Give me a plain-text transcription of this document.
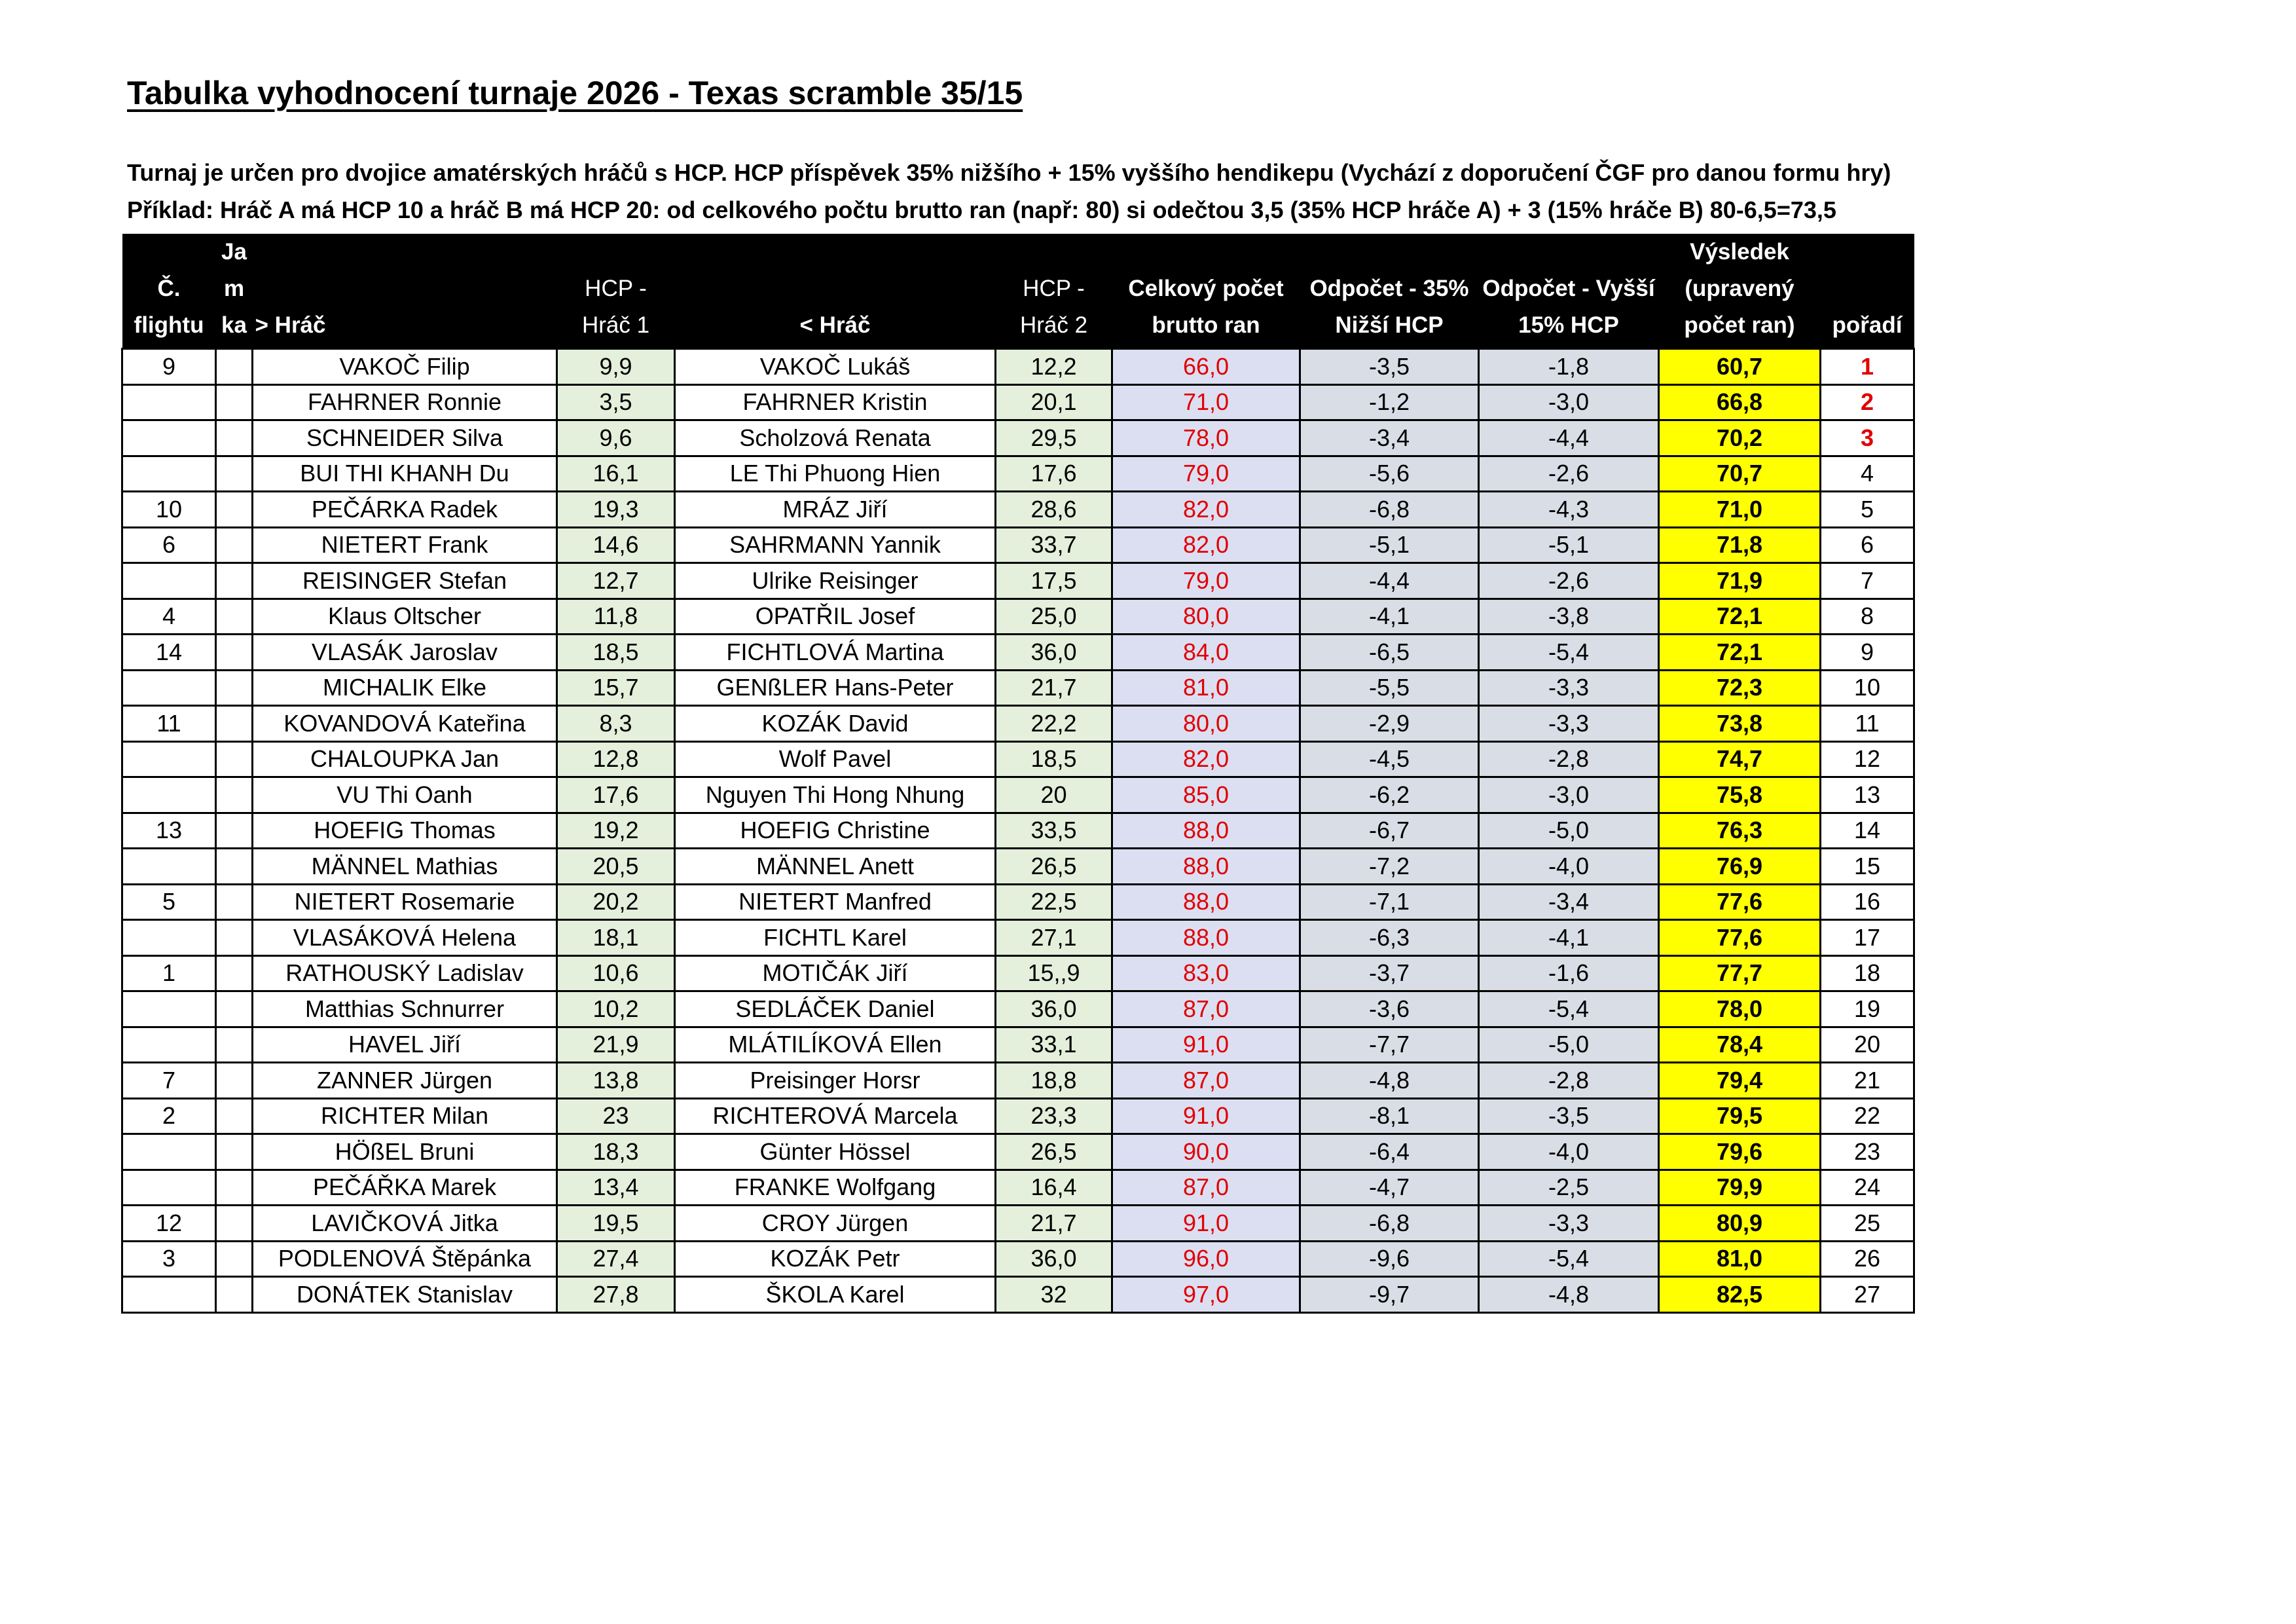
Tabulka vyhodnocení turnaje 2026 - Texas scramble 35/15
Turnaj je určen pro dvojice amatérských hráčů s HCP. HCP příspěvek 35% nižšího + 15% vyššího hendikepu (Vychází z doporučení ČGF pro danou formu hry)
Příklad: Hráč A má HCP 10 a hráč B má HCP 20: od celkového počtu brutto ran (např: 80) si odečtou 3,5 (35% HCP hráče A) + 3 (15% hráče B) 80-6,5=73,5
Č. flightu	Ja m ka	> Hráč	HCP - Hráč 1	< Hráč	HCP - Hráč 2	Celkový počet brutto ran	Odpočet - 35% Nižší HCP	Odpočet - Vyšší 15% HCP	Výsledek (upravený počet ran)	pořadí
9		VAKOČ Filip	9,9	VAKOČ Lukáš	12,2	66,0	-3,5	-1,8	60,7	1
		FAHRNER Ronnie	3,5	FAHRNER Kristin	20,1	71,0	-1,2	-3,0	66,8	2
		SCHNEIDER Silva	9,6	Scholzová Renata	29,5	78,0	-3,4	-4,4	70,2	3
		BUI THI KHANH Du	16,1	LE Thi Phuong Hien	17,6	79,0	-5,6	-2,6	70,7	4
10		PEČÁRKA Radek	19,3	MRÁZ Jiří	28,6	82,0	-6,8	-4,3	71,0	5
6		NIETERT Frank	14,6	SAHRMANN Yannik	33,7	82,0	-5,1	-5,1	71,8	6
		REISINGER Stefan	12,7	Ulrike Reisinger	17,5	79,0	-4,4	-2,6	71,9	7
4		Klaus Oltscher	11,8	OPATŘIL Josef	25,0	80,0	-4,1	-3,8	72,1	8
14		VLASÁK Jaroslav	18,5	FICHTLOVÁ Martina	36,0	84,0	-6,5	-5,4	72,1	9
		MICHALIK Elke	15,7	GENßLER Hans-Peter	21,7	81,0	-5,5	-3,3	72,3	10
11		KOVANDOVÁ Kateřina	8,3	KOZÁK David	22,2	80,0	-2,9	-3,3	73,8	11
		CHALOUPKA Jan	12,8	Wolf Pavel	18,5	82,0	-4,5	-2,8	74,7	12
		VU Thi Oanh	17,6	Nguyen Thi Hong Nhung	20	85,0	-6,2	-3,0	75,8	13
13		HOEFIG Thomas	19,2	HOEFIG Christine	33,5	88,0	-6,7	-5,0	76,3	14
		MÄNNEL Mathias	20,5	MÄNNEL Anett	26,5	88,0	-7,2	-4,0	76,9	15
5		NIETERT Rosemarie	20,2	NIETERT Manfred	22,5	88,0	-7,1	-3,4	77,6	16
		VLASÁKOVÁ Helena	18,1	FICHTL Karel	27,1	88,0	-6,3	-4,1	77,6	17
1		RATHOUSKÝ Ladislav	10,6	MOTIČÁK Jiří	15,,9	83,0	-3,7	-1,6	77,7	18
		Matthias Schnurrer	10,2	SEDLÁČEK Daniel	36,0	87,0	-3,6	-5,4	78,0	19
		HAVEL Jiří	21,9	MLÁTILÍKOVÁ Ellen	33,1	91,0	-7,7	-5,0	78,4	20
7		ZANNER Jürgen	13,8	Preisinger Horsr	18,8	87,0	-4,8	-2,8	79,4	21
2		RICHTER Milan	23	RICHTEROVÁ Marcela	23,3	91,0	-8,1	-3,5	79,5	22
		HÖßEL Bruni	18,3	Günter Hössel	26,5	90,0	-6,4	-4,0	79,6	23
		PEČÁŘKA Marek	13,4	FRANKE Wolfgang	16,4	87,0	-4,7	-2,5	79,9	24
12		LAVIČKOVÁ Jitka	19,5	CROY Jürgen	21,7	91,0	-6,8	-3,3	80,9	25
3		PODLENOVÁ Štěpánka	27,4	KOZÁK Petr	36,0	96,0	-9,6	-5,4	81,0	26
		DONÁTEK Stanislav	27,8	ŠKOLA Karel	32	97,0	-9,7	-4,8	82,5	27
